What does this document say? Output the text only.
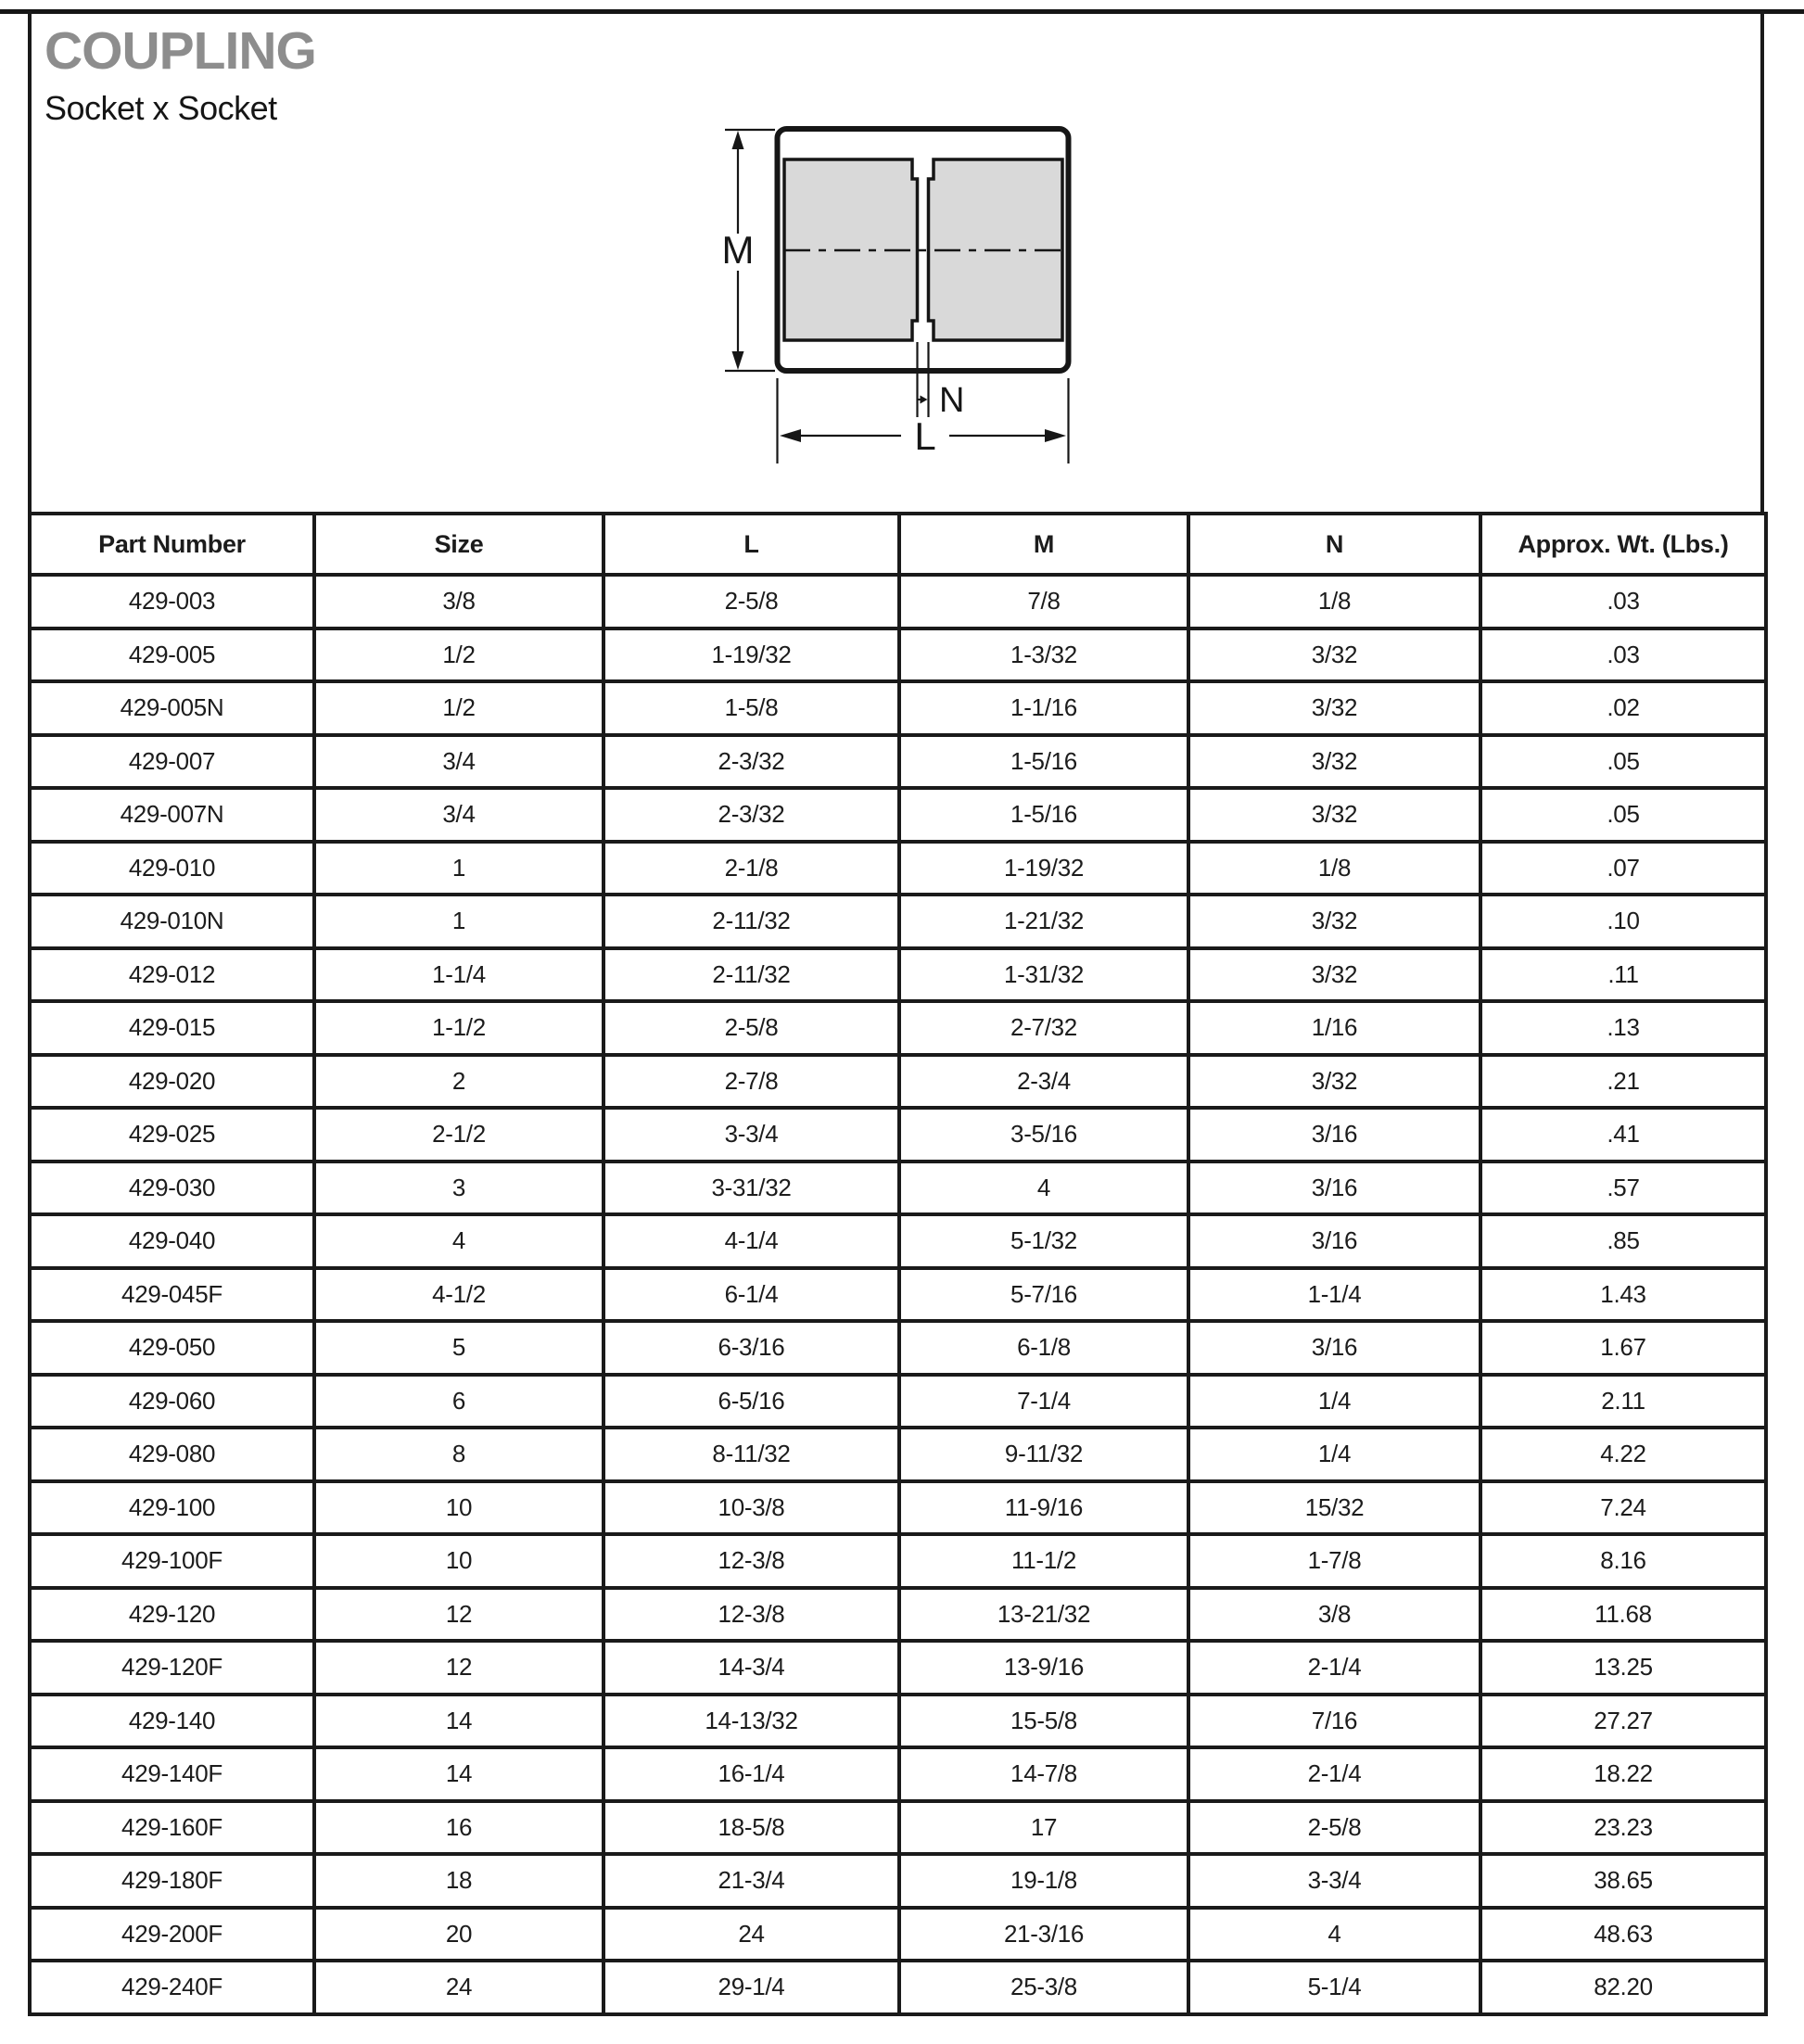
COUPLING
Socket x Socket
M
N
L
Part Number	Size	L	M	N	Approx. Wt. (Lbs.)
429-003	3/8	2-5/8	7/8	1/8	.03
429-005	1/2	1-19/32	1-3/32	3/32	.03
429-005N	1/2	1-5/8	1-1/16	3/32	.02
429-007	3/4	2-3/32	1-5/16	3/32	.05
429-007N	3/4	2-3/32	1-5/16	3/32	.05
429-010	1	2-1/8	1-19/32	1/8	.07
429-010N	1	2-11/32	1-21/32	3/32	.10
429-012	1-1/4	2-11/32	1-31/32	3/32	.11
429-015	1-1/2	2-5/8	2-7/32	1/16	.13
429-020	2	2-7/8	2-3/4	3/32	.21
429-025	2-1/2	3-3/4	3-5/16	3/16	.41
429-030	3	3-31/32	4	3/16	.57
429-040	4	4-1/4	5-1/32	3/16	.85
429-045F	4-1/2	6-1/4	5-7/16	1-1/4	1.43
429-050	5	6-3/16	6-1/8	3/16	1.67
429-060	6	6-5/16	7-1/4	1/4	2.11
429-080	8	8-11/32	9-11/32	1/4	4.22
429-100	10	10-3/8	11-9/16	15/32	7.24
429-100F	10	12-3/8	11-1/2	1-7/8	8.16
429-120	12	12-3/8	13-21/32	3/8	11.68
429-120F	12	14-3/4	13-9/16	2-1/4	13.25
429-140	14	14-13/32	15-5/8	7/16	27.27
429-140F	14	16-1/4	14-7/8	2-1/4	18.22
429-160F	16	18-5/8	17	2-5/8	23.23
429-180F	18	21-3/4	19-1/8	3-3/4	38.65
429-200F	20	24	21-3/16	4	48.63
429-240F	24	29-1/4	25-3/8	5-1/4	82.20
